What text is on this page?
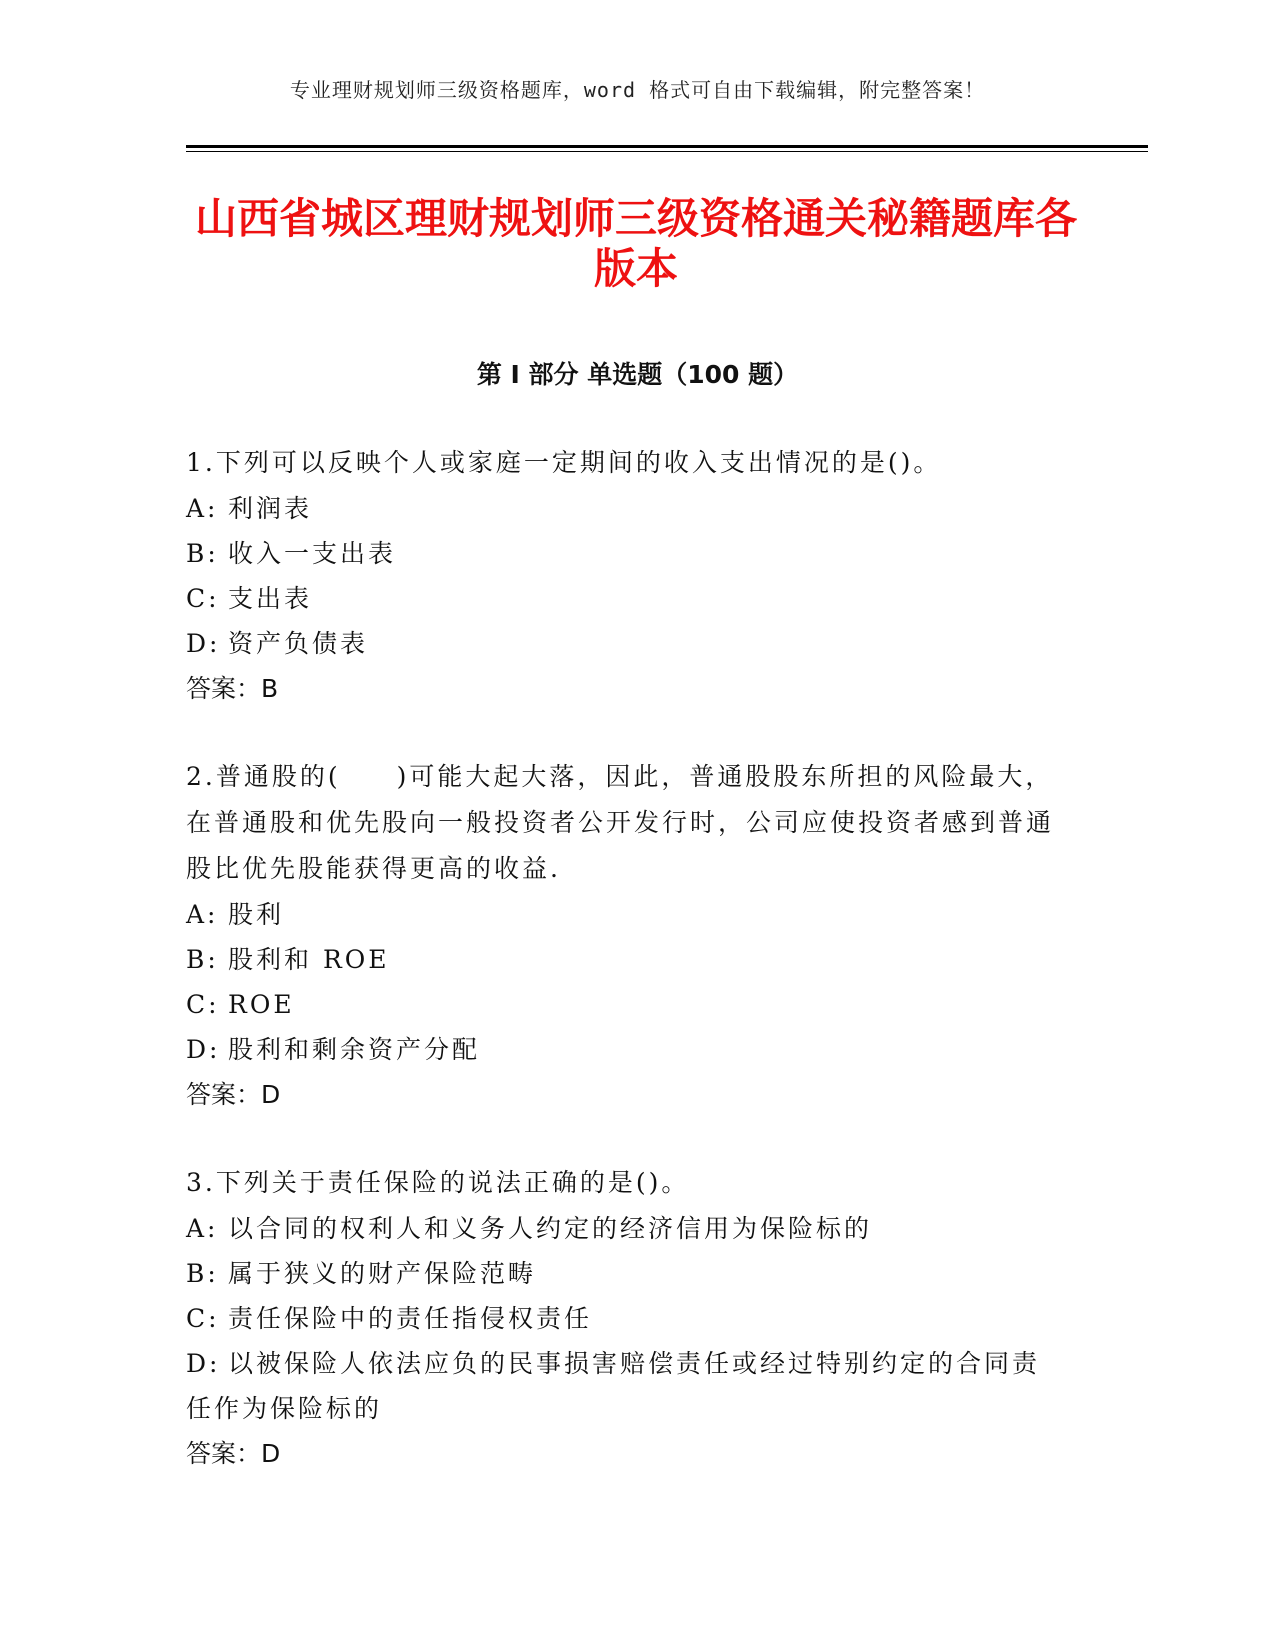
专业理财规划师三级资格题库，word 格式可自由下载编辑，附完整答案！
山西省城区理财规划师三级资格通关秘籍题库各版本
第 I 部分 单选题（100 题）

1.下列可以反映个人或家庭一定期间的收入支出情况的是()。

A: 利润表

B: 收入一支出表

C: 支出表

D: 资产负债表

答案：B

2.普通股的(　　)可能大起大落，因此，普通股股东所担的风险最大，在普通股和优先股向一般投资者公开发行时，公司应使投资者感到普通股比优先股能获得更高的收益.

A: 股利

B: 股利和 ROE

C: ROE

D: 股利和剩余资产分配

答案：D

3.下列关于责任保险的说法正确的是()。

A: 以合同的权利人和义务人约定的经济信用为保险标的

B: 属于狭义的财产保险范畴

C: 责任保险中的责任指侵权责任

D: 以被保险人依法应负的民事损害赔偿责任或经过特别约定的合同责任作为保险标的

答案：D
